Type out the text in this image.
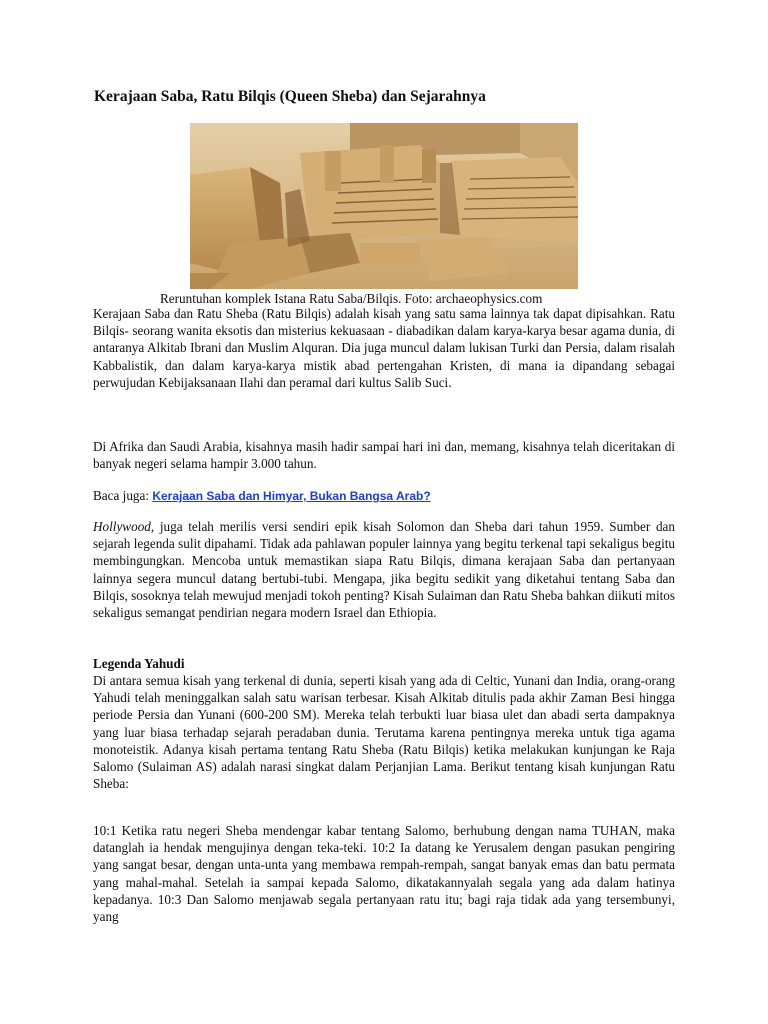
Kerajaan Saba, Ratu Bilqis (Queen Sheba) dan Sejarahnya
Reruntuhan komplek Istana Ratu Saba/Bilqis. Foto: archaeophysics.com

Kerajaan Saba dan Ratu Sheba (Ratu Bilqis) adalah kisah yang satu sama lainnya tak dapat dipisahkan. Ratu Bilqis- seorang wanita eksotis dan misterius kekuasaan - diabadikan dalam karya-karya besar agama dunia, di antaranya Alkitab Ibrani dan Muslim Alquran. Dia juga muncul dalam lukisan Turki dan Persia, dalam risalah Kabbalistik, dan dalam karya-karya mistik abad pertengahan Kristen, di mana ia dipandang sebagai perwujudan Kebijaksanaan Ilahi dan peramal dari kultus Salib Suci.

Di Afrika dan Saudi Arabia, kisahnya masih hadir sampai hari ini dan, memang, kisahnya telah diceritakan di banyak negeri selama hampir 3.000 tahun.

Baca juga: Kerajaan Saba dan Himyar, Bukan Bangsa Arab?

Hollywood, juga telah merilis versi sendiri epik kisah Solomon dan Sheba dari tahun 1959. Sumber dan sejarah legenda sulit dipahami. Tidak ada pahlawan populer lainnya yang begitu terkenal tapi sekaligus begitu membingungkan. Mencoba untuk memastikan siapa Ratu Bilqis, dimana kerajaan Saba dan pertanyaan lainnya segera muncul datang bertubi-tubi. Mengapa, jika begitu sedikit yang diketahui tentang Saba dan Bilqis, sosoknya telah mewujud menjadi tokoh penting? Kisah Sulaiman dan Ratu Sheba bahkan diikuti mitos sekaligus semangat pendirian negara modern Israel dan Ethiopia.

Legenda Yahudi

Di antara semua kisah yang terkenal di dunia, seperti kisah yang ada di Celtic, Yunani dan India, orang-orang Yahudi telah meninggalkan salah satu warisan terbesar. Kisah Alkitab ditulis pada akhir Zaman Besi hingga periode Persia dan Yunani (600-200 SM). Mereka telah terbukti luar biasa ulet dan abadi serta dampaknya yang luar biasa terhadap sejarah peradaban dunia. Terutama karena pentingnya mereka untuk tiga agama monoteistik. Adanya kisah pertama tentang Ratu Sheba (Ratu Bilqis) ketika melakukan kunjungan ke Raja Salomo (Sulaiman AS) adalah narasi singkat dalam Perjanjian Lama. Berikut tentang kisah kunjungan Ratu Sheba:

10:1 Ketika ratu negeri Sheba mendengar kabar tentang Salomo, berhubung dengan nama TUHAN, maka datanglah ia hendak mengujinya dengan teka-teki. 10:2 Ia datang ke Yerusalem dengan pasukan pengiring yang sangat besar, dengan unta-unta yang membawa rempah-rempah, sangat banyak emas dan batu permata yang mahal-mahal. Setelah ia sampai kepada Salomo, dikatakannyalah segala yang ada dalam hatinya kepadanya. 10:3 Dan Salomo menjawab segala pertanyaan ratu itu; bagi raja tidak ada yang tersembunyi, yang
